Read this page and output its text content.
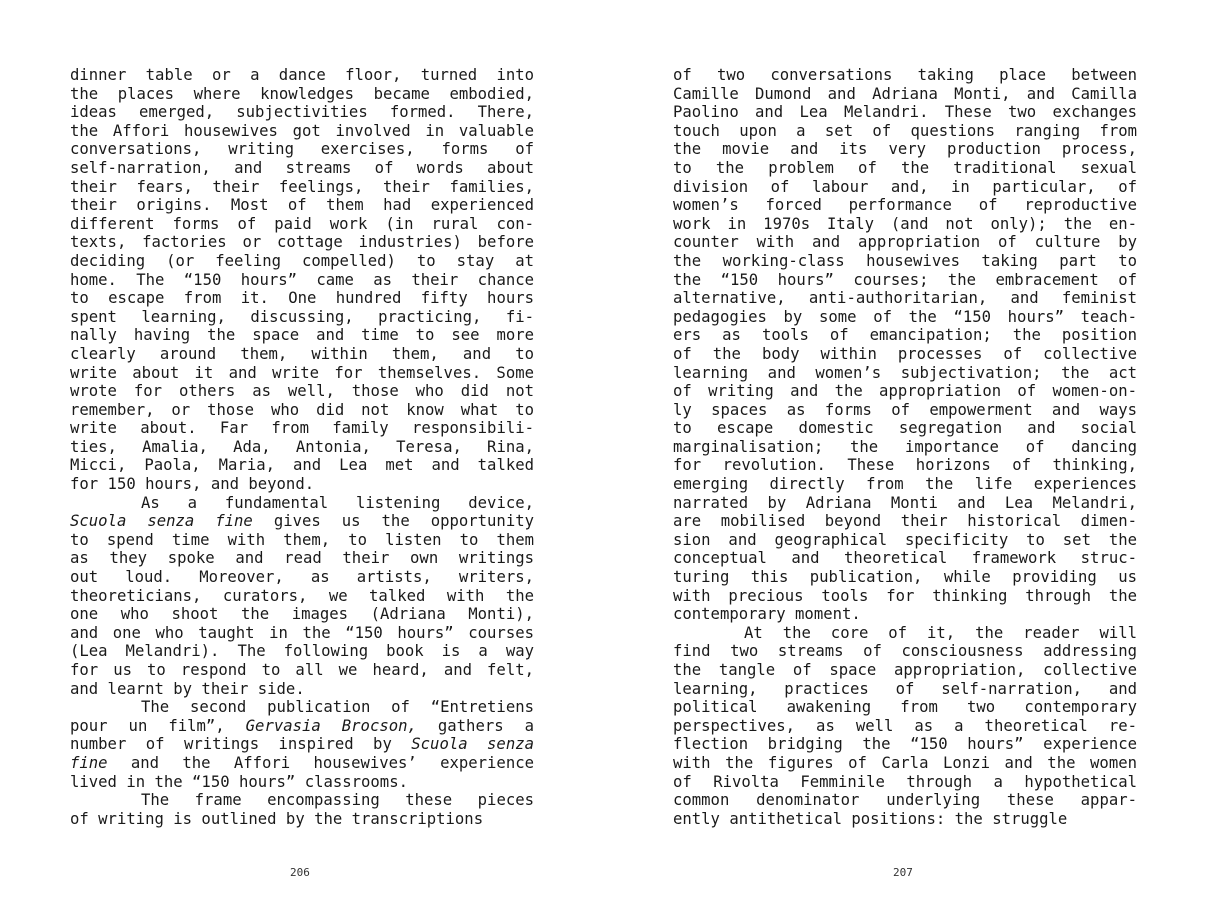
dinner table or a dance floor, turned into
the places where knowledges became embodied,
ideas emerged, subjectivities formed. There,
the Affori housewives got involved in valuable
conversations, writing exercises, forms of
self-narration, and streams of words about
their fears, their feelings, their families,
their origins. Most of them had experienced
different forms of paid work (in rural con-
texts, factories or cottage industries) before
deciding (or feeling compelled) to stay at
home. The “150 hours” came as their chance
to escape from it. One hundred fifty hours
spent learning, discussing, practicing, fi-
nally having the space and time to see more
clearly around them, within them, and to
write about it and write for themselves. Some
wrote for others as well, those who did not
remember, or those who did not know what to
write about. Far from family responsibili-
ties, Amalia, Ada, Antonia, Teresa, Rina,
Micci, Paola, Maria, and Lea met and talked
for 150 hours, and beyond.
As a fundamental listening device,
Scuola senza fine gives us the opportunity
to spend time with them, to listen to them
as they spoke and read their own writings
out loud. Moreover, as artists, writers,
theoreticians, curators, we talked with the
one who shoot the images (Adriana Monti),
and one who taught in the “150 hours” courses
(Lea Melandri). The following book is a way
for us to respond to all we heard, and felt,
and learnt by their side.
The second publication of “Entretiens
pour un film”, Gervasia Brocson, gathers a
number of writings inspired by Scuola senza
fine and the Affori housewives’ experience
lived in the “150 hours” classrooms.
The frame encompassing these pieces
of writing is outlined by the transcriptions
206
of two conversations taking place between
Camille Dumond and Adriana Monti, and Camilla
Paolino and Lea Melandri. These two exchanges
touch upon a set of questions ranging from
the movie and its very production process,
to the problem of the traditional sexual
division of labour and, in particular, of
women’s forced performance of reproductive
work in 1970s Italy (and not only); the en-
counter with and appropriation of culture by
the working-class housewives taking part to
the “150 hours” courses; the embracement of
alternative, anti-authoritarian, and feminist
pedagogies by some of the “150 hours” teach-
ers as tools of emancipation; the position
of the body within processes of collective
learning and women’s subjectivation; the act
of writing and the appropriation of women-on-
ly spaces as forms of empowerment and ways
to escape domestic segregation and social
marginalisation; the importance of dancing
for revolution. These horizons of thinking,
emerging directly from the life experiences
narrated by Adriana Monti and Lea Melandri,
are mobilised beyond their historical dimen-
sion and geographical specificity to set the
conceptual and theoretical framework struc-
turing this publication, while providing us
with precious tools for thinking through the
contemporary moment.
At the core of it, the reader will
find two streams of consciousness addressing
the tangle of space appropriation, collective
learning, practices of self-narration, and
political awakening from two contemporary
perspectives, as well as a theoretical re-
flection bridging the “150 hours” experience
with the figures of Carla Lonzi and the women
of Rivolta Femminile through a hypothetical
common denominator underlying these appar-
ently antithetical positions: the struggle
207
